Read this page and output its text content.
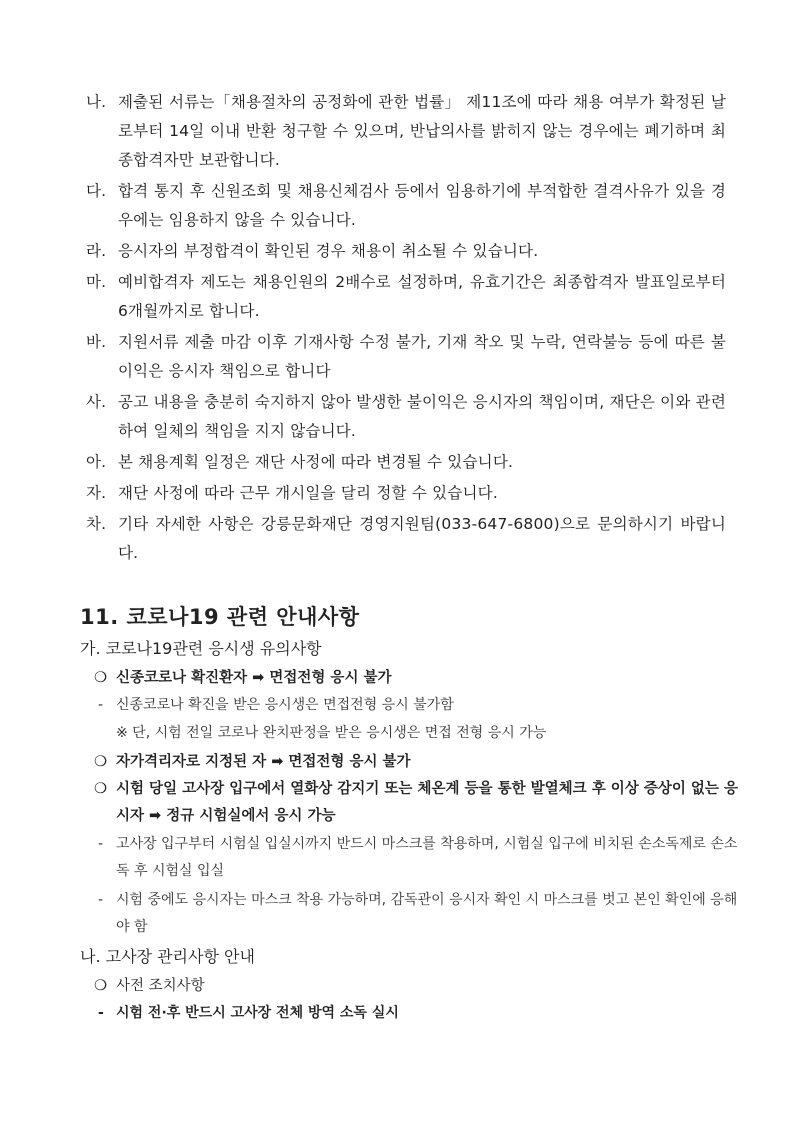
나. 제출된 서류는「채용절차의 공정화에 관한 법률」 제11조에 따라 채용 여부가 확정된 날로부터 14일 이내 반환 청구할 수 있으며, 반납의사를 밝히지 않는 경우에는 폐기하며 최종합격자만 보관합니다.
다. 합격 통지 후 신원조회 및 채용신체검사 등에서 임용하기에 부적합한 결격사유가 있을 경우에는 임용하지 않을 수 있습니다.
라. 응시자의 부정합격이 확인된 경우 채용이 취소될 수 있습니다.
마. 예비합격자 제도는 채용인원의 2배수로 설정하며, 유효기간은 최종합격자 발표일로부터 6개월까지로 합니다.
바. 지원서류 제출 마감 이후 기재사항 수정 불가, 기재 착오 및 누락, 연락불능 등에 따른 불이익은 응시자 책임으로 합니다
사. 공고 내용을 충분히 숙지하지 않아 발생한 불이익은 응시자의 책임이며, 재단은 이와 관련하여 일체의 책임을 지지 않습니다.
아. 본 채용계획 일정은 재단 사정에 따라 변경될 수 있습니다.
자. 재단 사정에 따라 근무 개시일을 달리 정할 수 있습니다.
차. 기타 자세한 사항은 강릉문화재단 경영지원팀(033-647-6800)으로 문의하시기 바랍니다.
11. 코로나19 관련 안내사항
가. 코로나19관련 응시생 유의사항
❍ 신종코로나 확진환자 ➡ 면접전형 응시 불가
- 신종코로나 확진을 받은 응시생은 면접전형 응시 불가함
※ 단, 시험 전일 코로나 완치판정을 받은 응시생은 면접 전형 응시 가능
❍ 자가격리자로 지정된 자 ➡ 면접전형 응시 불가
❍ 시험 당일 고사장 입구에서 열화상 감지기 또는 체온계 등을 통한 발열체크 후 이상 증상이 없는 응시자 ➡ 정규 시험실에서 응시 가능
- 고사장 입구부터 시험실 입실시까지 반드시 마스크를 착용하며, 시험실 입구에 비치된 손소독제로 손소독 후 시험실 입실
- 시험 중에도 응시자는 마스크 착용 가능하며, 감독관이 응시자 확인 시 마스크를 벗고 본인 확인에 응해야 함
나. 고사장 관리사항 안내
❍ 사전 조치사항
- 시험 전·후 반드시 고사장 전체 방역 소독 실시
